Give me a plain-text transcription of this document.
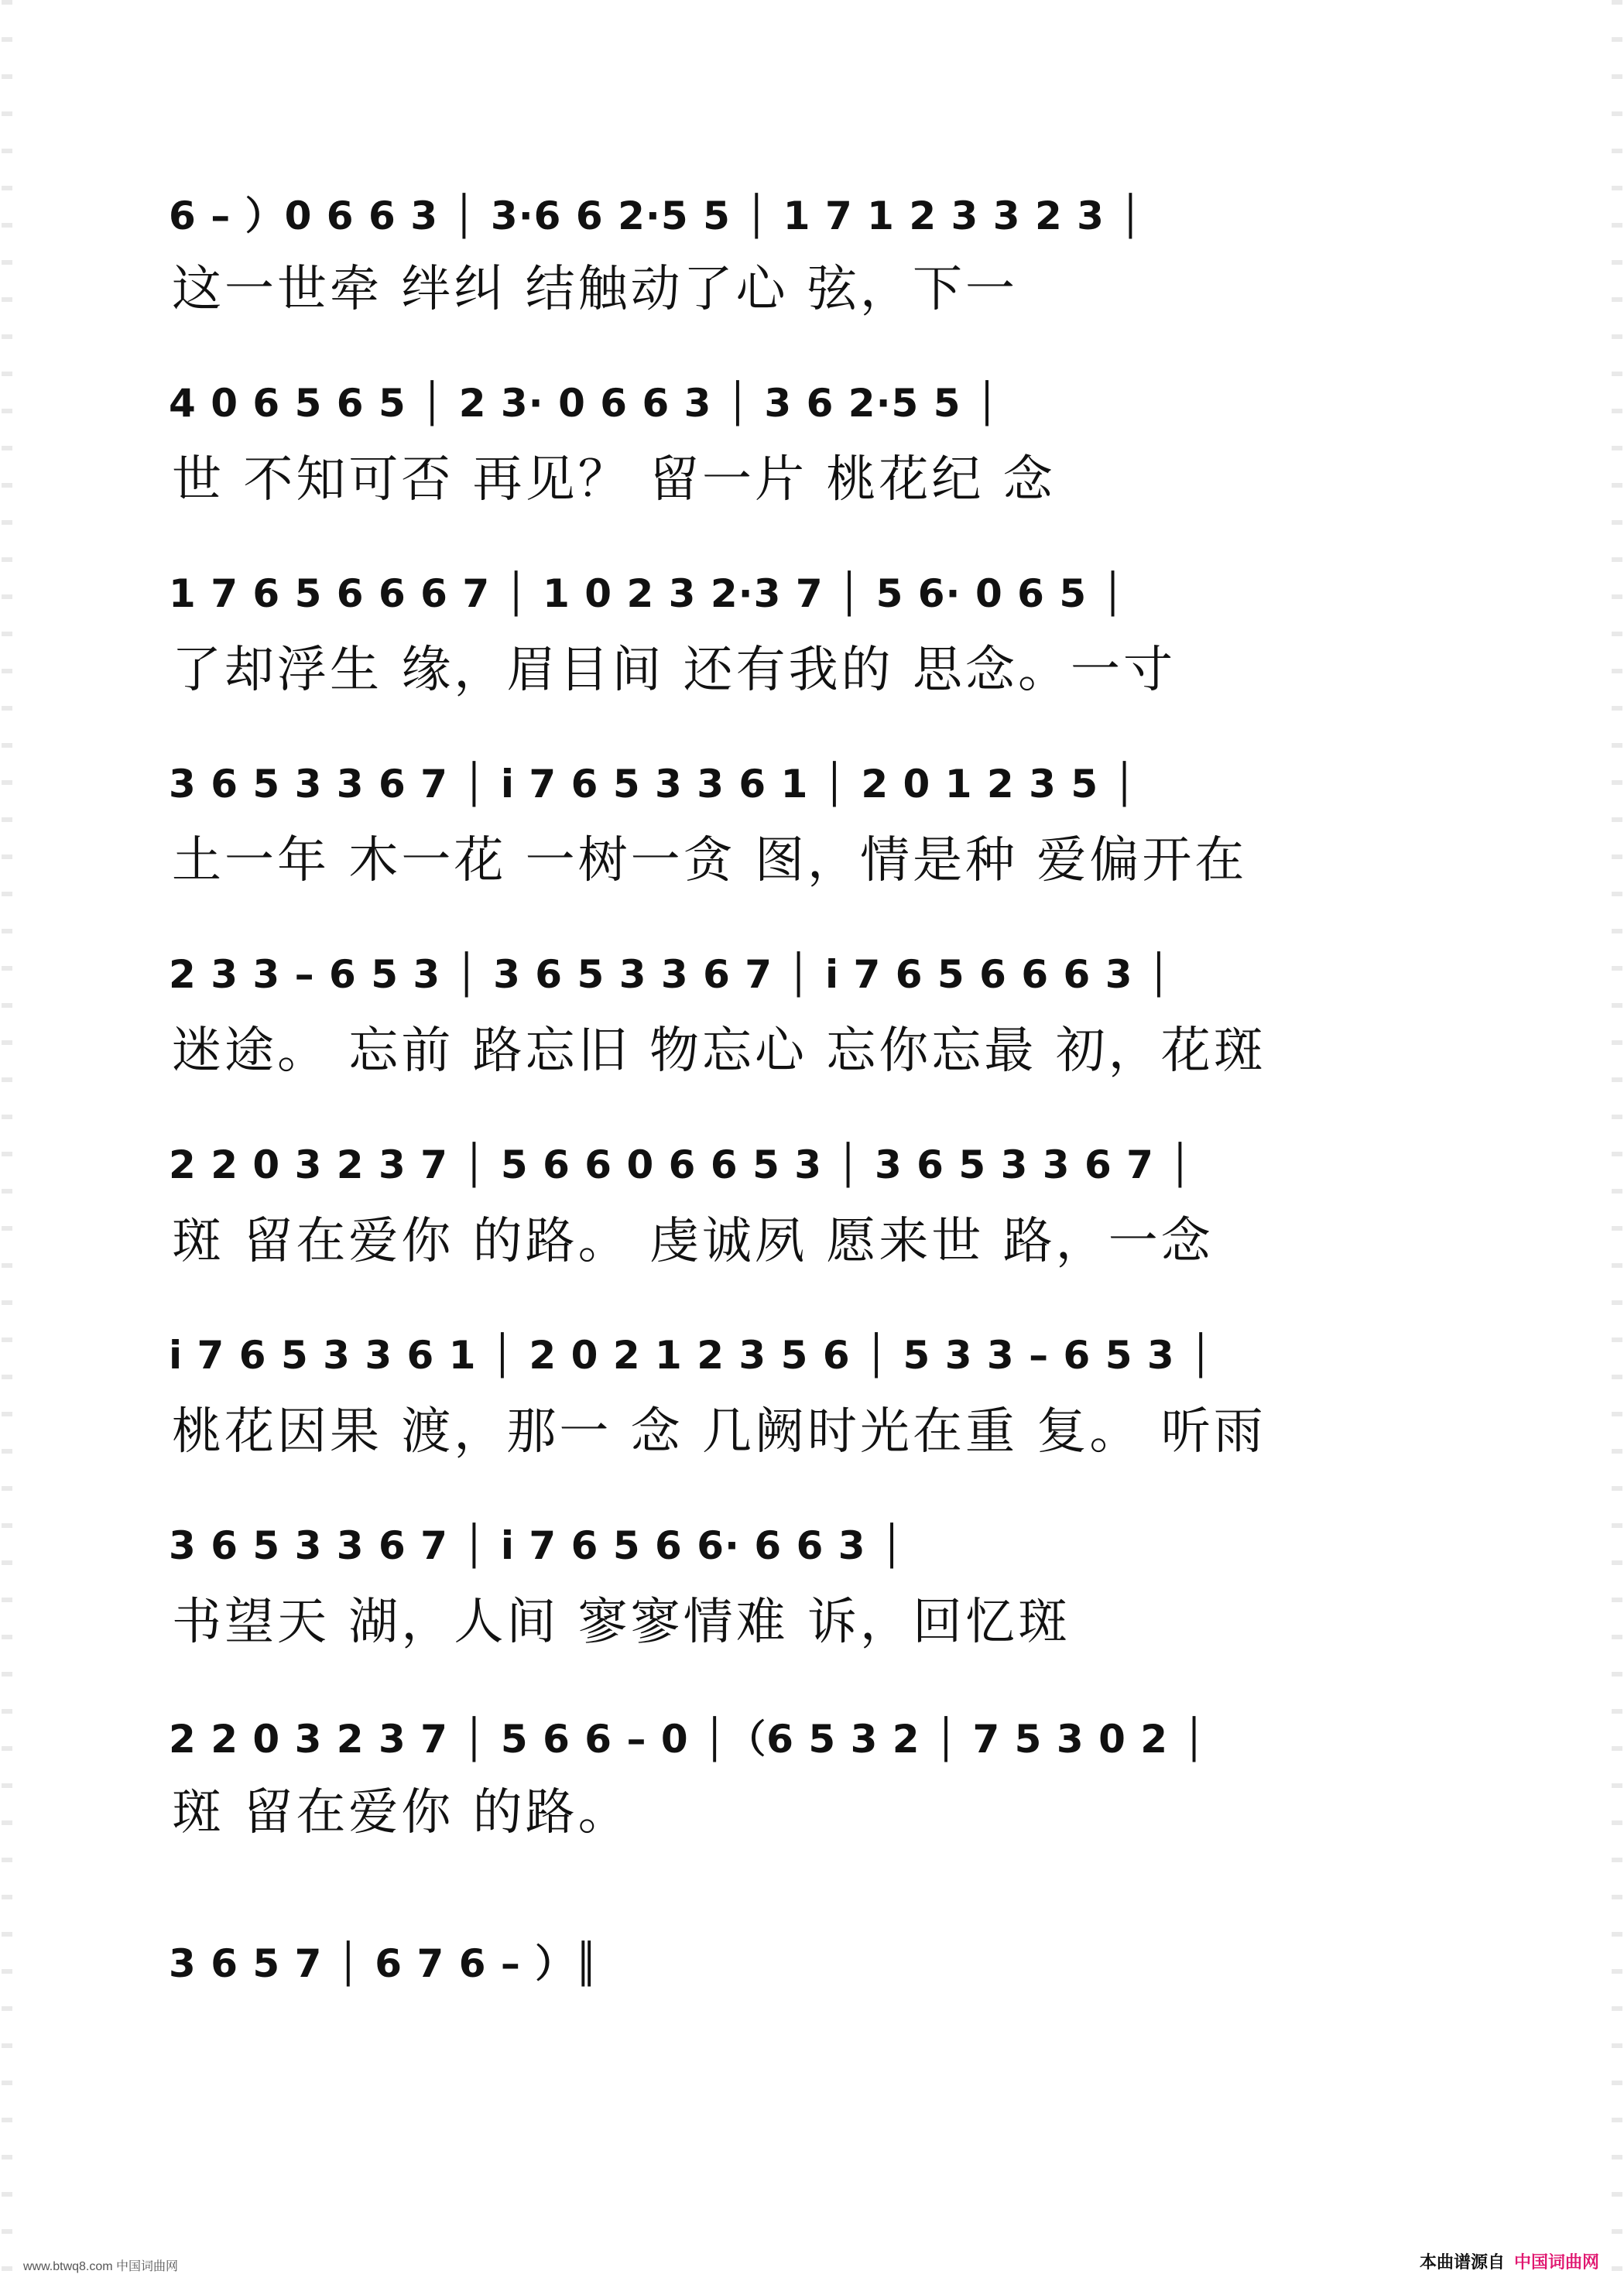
6 – ）0 6 6 3 │ 3·6 6 2·5 5 │ 1 7 1 2 3 3 2 3 │
这一世牵 绊纠 结触动了心 弦，下一
4 0 6 5 6 5 │ 2 3· 0 6 6 3 │ 3 6 2·5 5 │
世 不知可否 再见？ 留一片 桃花纪 念
1 7 6 5 6 6 6 7 │ 1 0 2 3 2·3 7 │ 5 6· 0 6 5 │
了却浮生 缘，眉目间 还有我的 思念。一寸
3 6 5 3 3 6 7 │ i 7 6 5 3 3 6 1 │ 2 0 1 2 3 5 │
土一年 木一花 一树一贪 图，情是种 爱偏开在
2 3 3 – 6 5 3 │ 3 6 5 3 3 6 7 │ i 7 6 5 6 6 6 3 │
迷途。 忘前 路忘旧 物忘心 忘你忘最 初，花斑
2 2 0 3 2 3 7 │ 5 6 6 0 6 6 5 3 │ 3 6 5 3 3 6 7 │
斑 留在爱你 的路。 虔诚夙 愿来世 路，一念
i 7 6 5 3 3 6 1 │ 2 0 2 1 2 3 5 6 │ 5 3 3 – 6 5 3 │
桃花因果 渡，那一 念 几阙时光在重 复。 听雨
3 6 5 3 3 6 7 │ i 7 6 5 6 6· 6 6 3 │
书望天 湖，人间 寥寥情难 诉，回忆斑
2 2 0 3 2 3 7 │ 5 6 6 – 0 │（6 5 3 2 │ 7 5 3 0 2 │
斑 留在爱你 的路。
3 6 5 7 │ 6 7 6 – ）║
www.btwq8.com 中国词曲网	本曲谱源自 中国词曲网
